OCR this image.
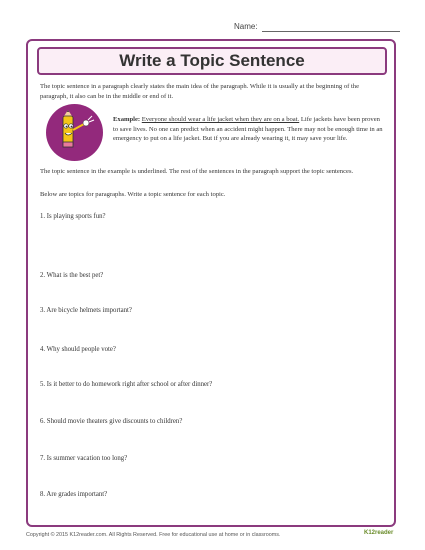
Name:
Write a Topic Sentence
The topic sentence in a paragraph clearly states the main idea of the paragraph. While it is usually at the beginning of the paragraph, it also can be in the middle or end of it.
Example: Everyone should wear a life jacket when they are on a boat. Life jackets have been proven to save lives. No one can predict when an accident might happen. There may not be enough time in an emergency to put on a life jacket. But if you are already wearing it, it may save your life.
The topic sentence in the example is underlined. The rest of the sentences in the paragraph support the topic sentences.
Below are topics for paragraphs. Write a topic sentence for each topic.
1. Is playing sports fun?
2. What is the best pet?
3. Are bicycle helmets important?
4. Why should people vote?
5. Is it better to do homework right after school or after dinner?
6. Should movie theaters give discounts to children?
7. Is summer vacation too long?
8. Are grades important?
Copyright © 2015 K12reader.com. All Rights Reserved. Free for educational use at home or in classrooms.	K12reader
